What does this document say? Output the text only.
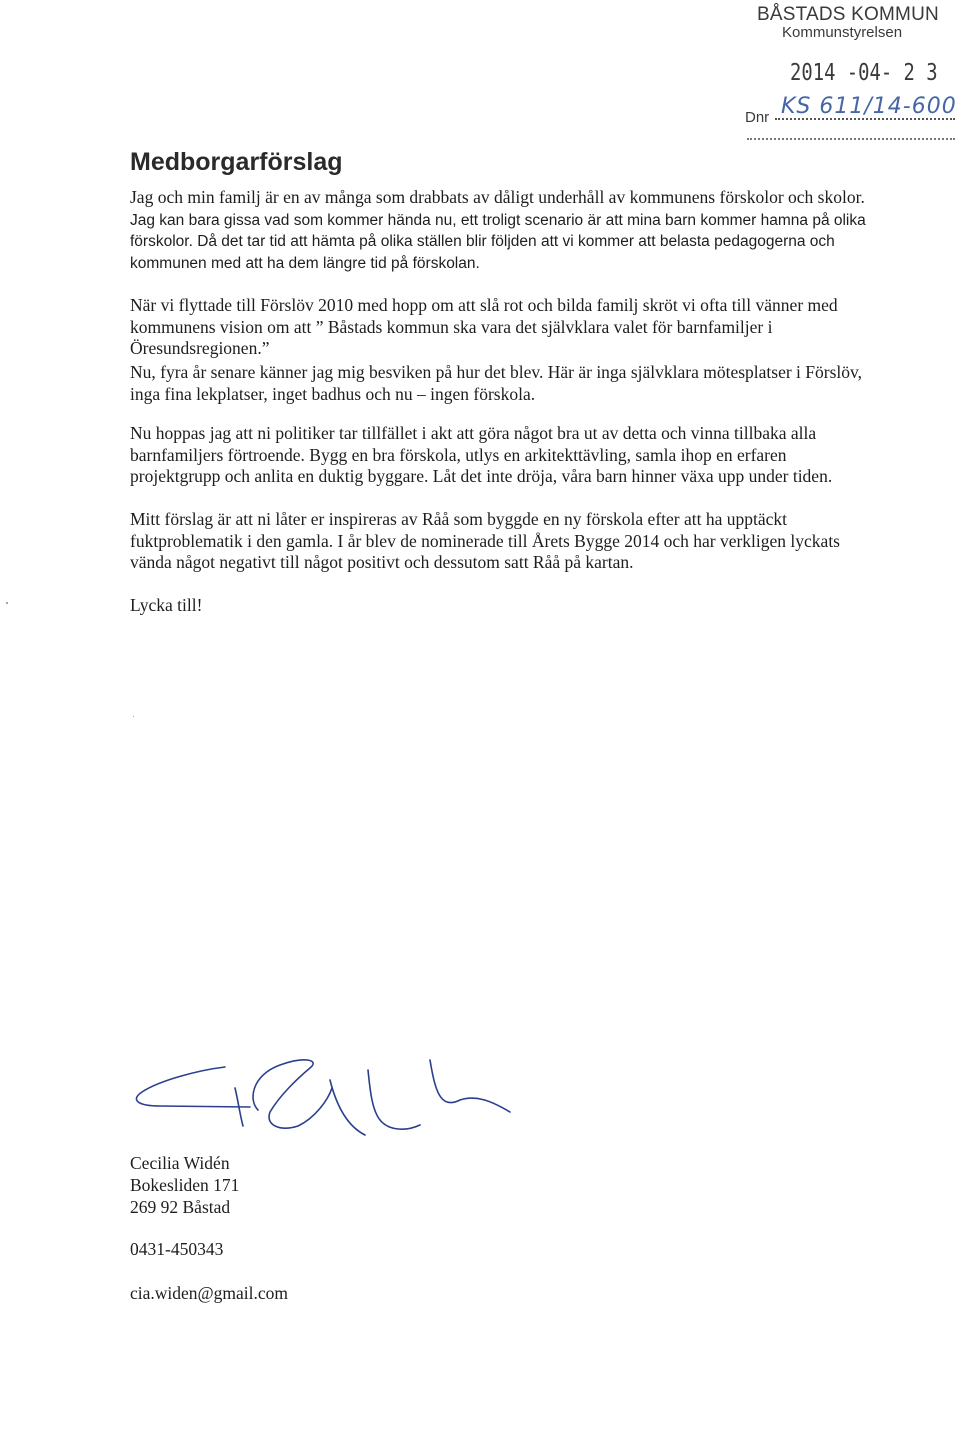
BÅSTADS KOMMUN
Kommunstyrelsen
2014 -04- 2 3
Dnr KS 611/14-600
Medborgarförslag

Jag och min familj är en av många som drabbats av dåligt underhåll av kommunens förskolor och skolor. Jag kan bara gissa vad som kommer hända nu, ett troligt scenario är att mina barn kommer hamna på olika förskolor. Då det tar tid att hämta på olika ställen blir följden att vi kommer att belasta pedagogerna och kommunen med att ha dem längre tid på förskolan.

När vi flyttade till Förslöv 2010 med hopp om att slå rot och bilda familj skröt vi ofta till vänner med kommunens vision om att ” Båstads kommun ska vara det självklara valet för barnfamiljer i Öresundsregionen.”

Nu, fyra år senare känner jag mig besviken på hur det blev. Här är inga självklara mötesplatser i Förslöv, inga fina lekplatser, inget badhus och nu – ingen förskola.

Nu hoppas jag att ni politiker tar tillfället i akt att göra något bra ut av detta och vinna tillbaka alla barnfamiljers förtroende. Bygg en bra förskola, utlys en arkitekttävling, samla ihop en erfaren projektgrupp och anlita en duktig byggare. Låt det inte dröja, våra barn hinner växa upp under tiden.

Mitt förslag är att ni låter er inspireras av Råå som byggde en ny förskola efter att ha upptäckt fuktproblematik i den gamla. I år blev de nominerade till Årets Bygge 2014 och har verkligen lyckats vända något negativt till något positivt och dessutom satt Råå på kartan.

Lycka till!

Cecilia Widén

Bokesliden 171

269 92 Båstad

0431-450343

cia.widen@gmail.com
